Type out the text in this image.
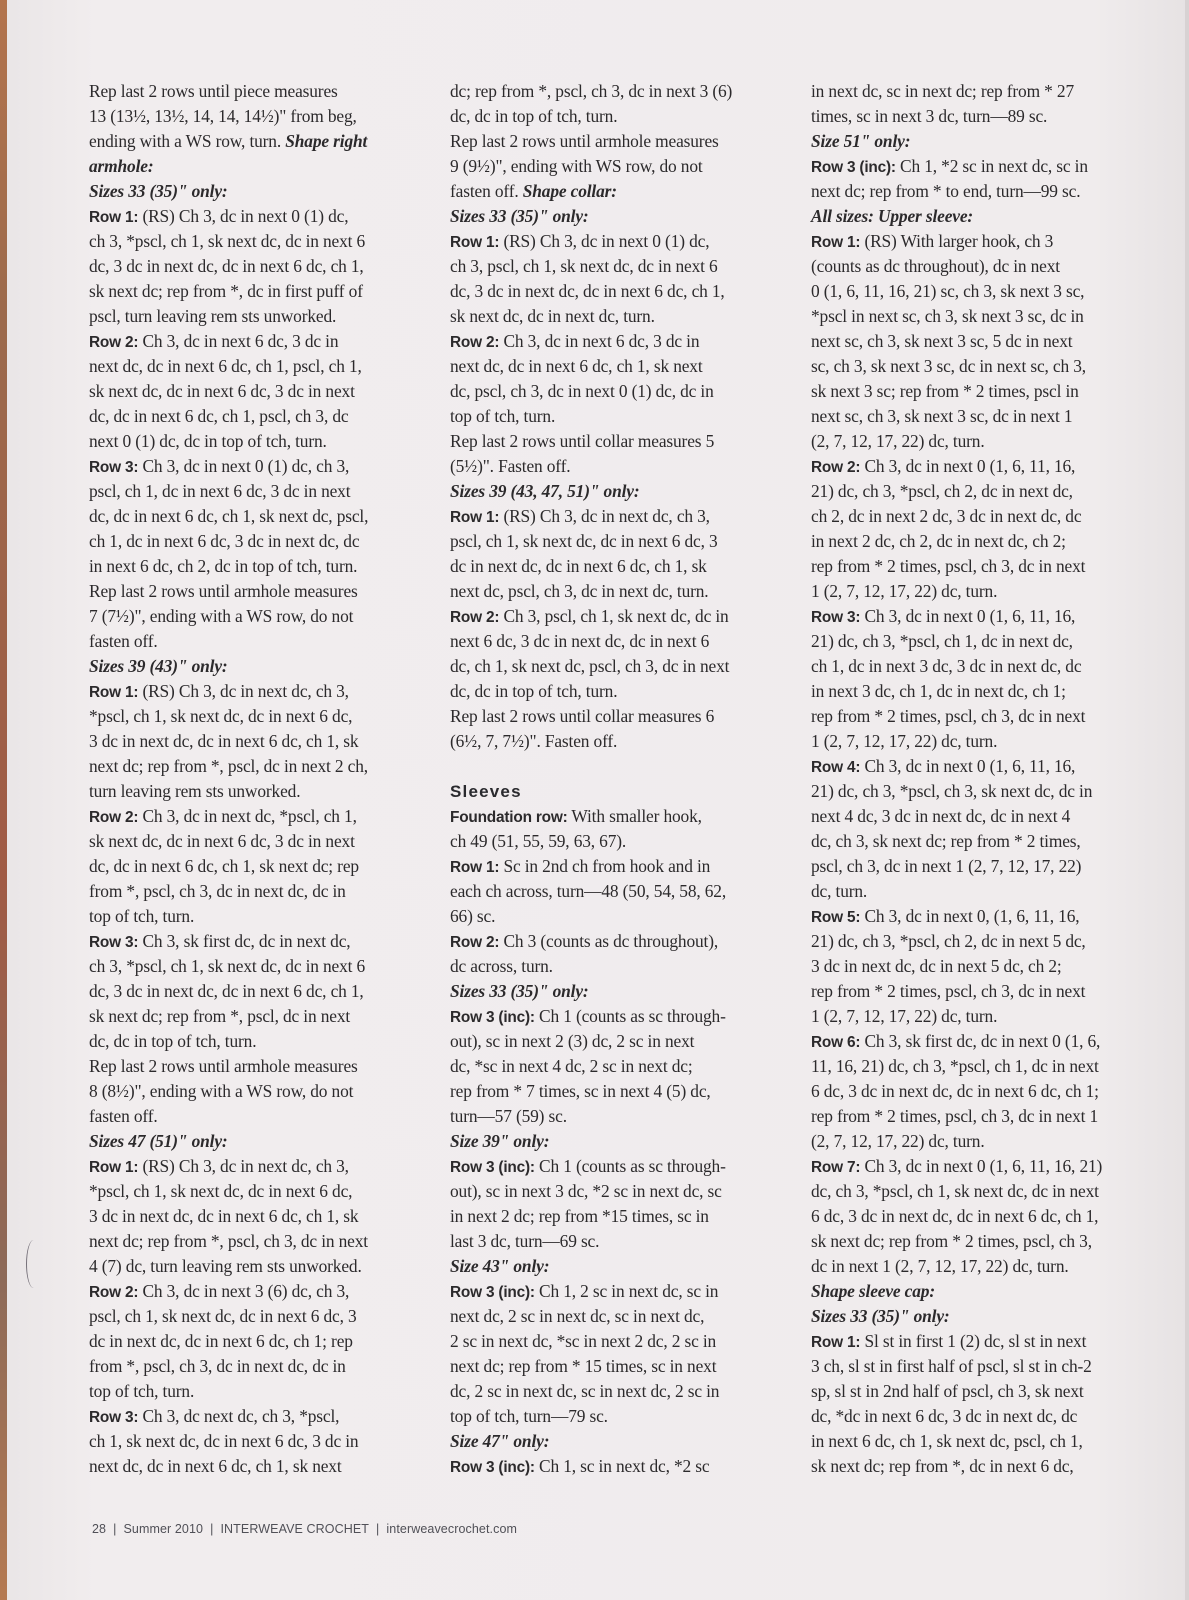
Rep last 2 rows until piece measures
13 (13½, 13½, 14, 14, 14½)" from beg,
ending with a WS row, turn. Shape right
armhole:
Sizes 33 (35)" only:
Row 1: (RS) Ch 3, dc in next 0 (1) dc,
ch 3, *pscl, ch 1, sk next dc, dc in next 6
dc, 3 dc in next dc, dc in next 6 dc, ch 1,
sk next dc; rep from *, dc in first puff of
pscl, turn leaving rem sts unworked.
Row 2: Ch 3, dc in next 6 dc, 3 dc in
next dc, dc in next 6 dc, ch 1, pscl, ch 1,
sk next dc, dc in next 6 dc, 3 dc in next
dc, dc in next 6 dc, ch 1, pscl, ch 3, dc
next 0 (1) dc, dc in top of tch, turn.
Row 3: Ch 3, dc in next 0 (1) dc, ch 3,
pscl, ch 1, dc in next 6 dc, 3 dc in next
dc, dc in next 6 dc, ch 1, sk next dc, pscl,
ch 1, dc in next 6 dc, 3 dc in next dc, dc
in next 6 dc, ch 2, dc in top of tch, turn.
Rep last 2 rows until armhole measures
7 (7½)", ending with a WS row, do not
fasten off.
Sizes 39 (43)" only:
Row 1: (RS) Ch 3, dc in next dc, ch 3,
*pscl, ch 1, sk next dc, dc in next 6 dc,
3 dc in next dc, dc in next 6 dc, ch 1, sk
next dc; rep from *, pscl, dc in next 2 ch,
turn leaving rem sts unworked.
Row 2: Ch 3, dc in next dc, *pscl, ch 1,
sk next dc, dc in next 6 dc, 3 dc in next
dc, dc in next 6 dc, ch 1, sk next dc; rep
from *, pscl, ch 3, dc in next dc, dc in
top of tch, turn.
Row 3: Ch 3, sk first dc, dc in next dc,
ch 3, *pscl, ch 1, sk next dc, dc in next 6
dc, 3 dc in next dc, dc in next 6 dc, ch 1,
sk next dc; rep from *, pscl, dc in next
dc, dc in top of tch, turn.
Rep last 2 rows until armhole measures
8 (8½)", ending with a WS row, do not
fasten off.
Sizes 47 (51)" only:
Row 1: (RS) Ch 3, dc in next dc, ch 3,
*pscl, ch 1, sk next dc, dc in next 6 dc,
3 dc in next dc, dc in next 6 dc, ch 1, sk
next dc; rep from *, pscl, ch 3, dc in next
4 (7) dc, turn leaving rem sts unworked.
Row 2: Ch 3, dc in next 3 (6) dc, ch 3,
pscl, ch 1, sk next dc, dc in next 6 dc, 3
dc in next dc, dc in next 6 dc, ch 1; rep
from *, pscl, ch 3, dc in next dc, dc in
top of tch, turn.
Row 3: Ch 3, dc next dc, ch 3, *pscl,
ch 1, sk next dc, dc in next 6 dc, 3 dc in
next dc, dc in next 6 dc, ch 1, sk next
dc; rep from *, pscl, ch 3, dc in next 3 (6)
dc, dc in top of tch, turn.
Rep last 2 rows until armhole measures
9 (9½)", ending with WS row, do not
fasten off. Shape collar:
Sizes 33 (35)" only:
Row 1: (RS) Ch 3, dc in next 0 (1) dc,
ch 3, pscl, ch 1, sk next dc, dc in next 6
dc, 3 dc in next dc, dc in next 6 dc, ch 1,
sk next dc, dc in next dc, turn.
Row 2: Ch 3, dc in next 6 dc, 3 dc in
next dc, dc in next 6 dc, ch 1, sk next
dc, pscl, ch 3, dc in next 0 (1) dc, dc in
top of tch, turn.
Rep last 2 rows until collar measures 5
(5½)". Fasten off.
Sizes 39 (43, 47, 51)" only:
Row 1: (RS) Ch 3, dc in next dc, ch 3,
pscl, ch 1, sk next dc, dc in next 6 dc, 3
dc in next dc, dc in next 6 dc, ch 1, sk
next dc, pscl, ch 3, dc in next dc, turn.
Row 2: Ch 3, pscl, ch 1, sk next dc, dc in
next 6 dc, 3 dc in next dc, dc in next 6
dc, ch 1, sk next dc, pscl, ch 3, dc in next
dc, dc in top of tch, turn.
Rep last 2 rows until collar measures 6
(6½, 7, 7½)". Fasten off.
Sleeves
Foundation row: With smaller hook,
ch 49 (51, 55, 59, 63, 67).
Row 1: Sc in 2nd ch from hook and in
each ch across, turn—48 (50, 54, 58, 62,
66) sc.
Row 2: Ch 3 (counts as dc throughout),
dc across, turn.
Sizes 33 (35)" only:
Row 3 (inc): Ch 1 (counts as sc through-
out), sc in next 2 (3) dc, 2 sc in next
dc, *sc in next 4 dc, 2 sc in next dc;
rep from * 7 times, sc in next 4 (5) dc,
turn—57 (59) sc.
Size 39" only:
Row 3 (inc): Ch 1 (counts as sc through-
out), sc in next 3 dc, *2 sc in next dc, sc
in next 2 dc; rep from *15 times, sc in
last 3 dc, turn—69 sc.
Size 43" only:
Row 3 (inc): Ch 1, 2 sc in next dc, sc in
next dc, 2 sc in next dc, sc in next dc,
2 sc in next dc, *sc in next 2 dc, 2 sc in
next dc; rep from * 15 times, sc in next
dc, 2 sc in next dc, sc in next dc, 2 sc in
top of tch, turn—79 sc.
Size 47" only:
Row 3 (inc): Ch 1, sc in next dc, *2 sc
in next dc, sc in next dc; rep from * 27
times, sc in next 3 dc, turn—89 sc.
Size 51" only:
Row 3 (inc): Ch 1, *2 sc in next dc, sc in
next dc; rep from * to end, turn—99 sc.
All sizes: Upper sleeve:
Row 1: (RS) With larger hook, ch 3
(counts as dc throughout), dc in next
0 (1, 6, 11, 16, 21) sc, ch 3, sk next 3 sc,
*pscl in next sc, ch 3, sk next 3 sc, dc in
next sc, ch 3, sk next 3 sc, 5 dc in next
sc, ch 3, sk next 3 sc, dc in next sc, ch 3,
sk next 3 sc; rep from * 2 times, pscl in
next sc, ch 3, sk next 3 sc, dc in next 1
(2, 7, 12, 17, 22) dc, turn.
Row 2: Ch 3, dc in next 0 (1, 6, 11, 16,
21) dc, ch 3, *pscl, ch 2, dc in next dc,
ch 2, dc in next 2 dc, 3 dc in next dc, dc
in next 2 dc, ch 2, dc in next dc, ch 2;
rep from * 2 times, pscl, ch 3, dc in next
1 (2, 7, 12, 17, 22) dc, turn.
Row 3: Ch 3, dc in next 0 (1, 6, 11, 16,
21) dc, ch 3, *pscl, ch 1, dc in next dc,
ch 1, dc in next 3 dc, 3 dc in next dc, dc
in next 3 dc, ch 1, dc in next dc, ch 1;
rep from * 2 times, pscl, ch 3, dc in next
1 (2, 7, 12, 17, 22) dc, turn.
Row 4: Ch 3, dc in next 0 (1, 6, 11, 16,
21) dc, ch 3, *pscl, ch 3, sk next dc, dc in
next 4 dc, 3 dc in next dc, dc in next 4
dc, ch 3, sk next dc; rep from * 2 times,
pscl, ch 3, dc in next 1 (2, 7, 12, 17, 22)
dc, turn.
Row 5: Ch 3, dc in next 0, (1, 6, 11, 16,
21) dc, ch 3, *pscl, ch 2, dc in next 5 dc,
3 dc in next dc, dc in next 5 dc, ch 2;
rep from * 2 times, pscl, ch 3, dc in next
1 (2, 7, 12, 17, 22) dc, turn.
Row 6: Ch 3, sk first dc, dc in next 0 (1, 6,
11, 16, 21) dc, ch 3, *pscl, ch 1, dc in next
6 dc, 3 dc in next dc, dc in next 6 dc, ch 1;
rep from * 2 times, pscl, ch 3, dc in next 1
(2, 7, 12, 17, 22) dc, turn.
Row 7: Ch 3, dc in next 0 (1, 6, 11, 16, 21)
dc, ch 3, *pscl, ch 1, sk next dc, dc in next
6 dc, 3 dc in next dc, dc in next 6 dc, ch 1,
sk next dc; rep from * 2 times, pscl, ch 3,
dc in next 1 (2, 7, 12, 17, 22) dc, turn.
Shape sleeve cap:
Sizes 33 (35)" only:
Row 1: Sl st in first 1 (2) dc, sl st in next
3 ch, sl st in first half of pscl, sl st in ch-2
sp, sl st in 2nd half of pscl, ch 3, sk next
dc, *dc in next 6 dc, 3 dc in next dc, dc
in next 6 dc, ch 1, sk next dc, pscl, ch 1,
sk next dc; rep from *, dc in next 6 dc,
28 | Summer 2010 | INTERWEAVE CROCHET | interweavecrochet.com
